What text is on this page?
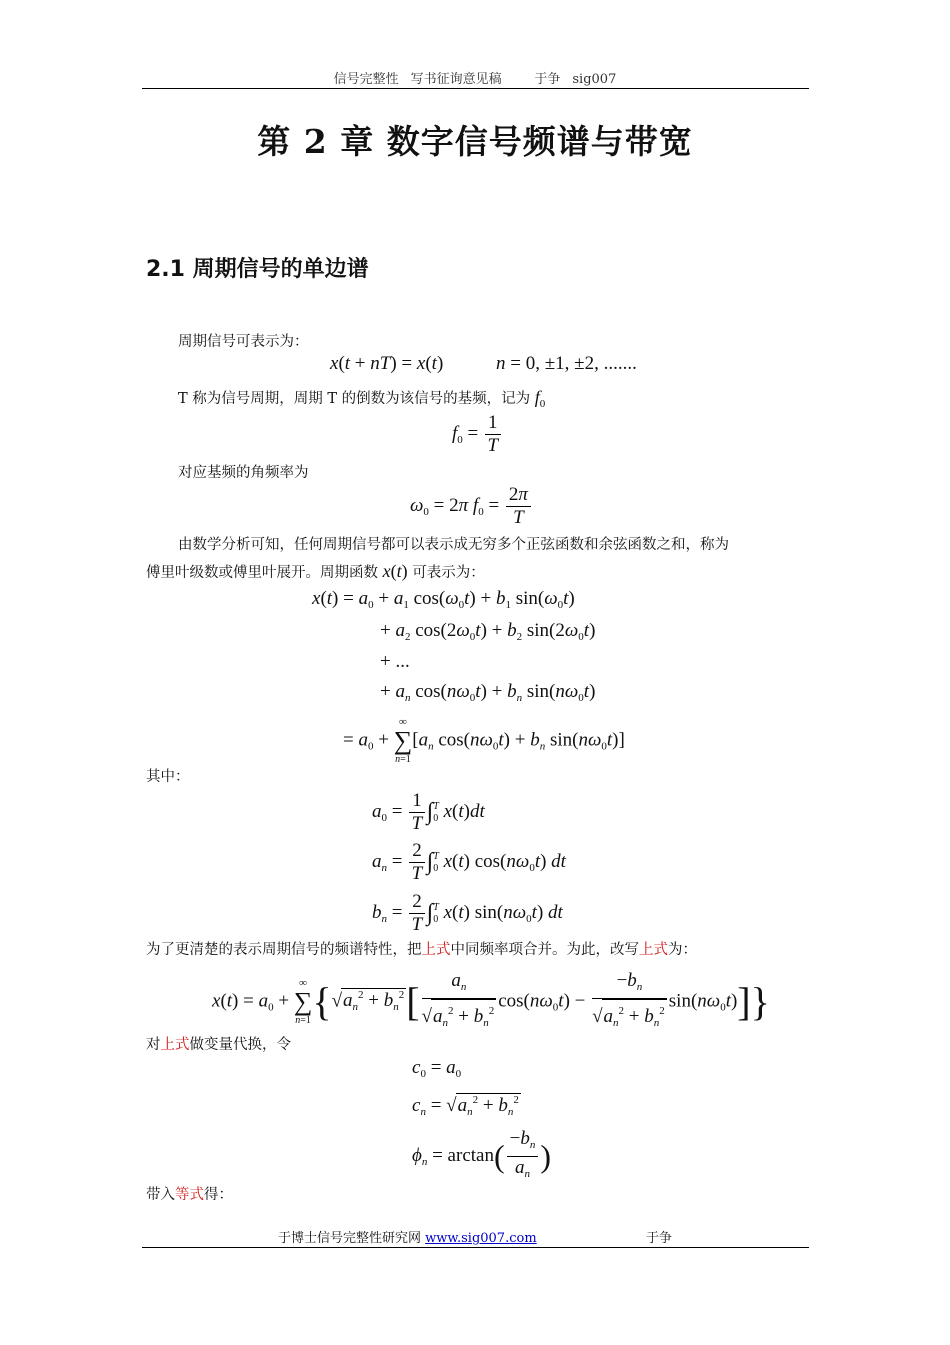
信号完整性 写书征询意见稿	于争 sig007
第 2 章 数字信号频谱与带宽
2.1 周期信号的单边谱
周期信号可表示为：
x(t + nT) = x(t)	n = 0, ±1, ±2, .......
T 称为信号周期，周期 T 的倒数为该信号的基频，记为 $f_0$
$f_0 = \frac{1}{T}$
对应基频的角频率为
$\omega_0 = 2\pi$ $f_0 = \frac{2\pi}{T}$
由数学分析可知，任何周期信号都可以表示成无穷多个正弦函数和余弦函数之和，称为
傅里叶级数或傅里叶展开。周期函数 x(t) 可表示为：
$x(t) = a_0 + a_1$ $\cos(\omega_0t) + b_1$ $\sin(\omega_0t)$
+ $a_2$ $\cos(2\omega_0t) + b_2$ $\sin(2\omega_0t)$
+ ...
+ $a_n$ $\cos(n\omega_0t) + b_n$ $\sin(n\omega_0t)$
= $a_0$ +
∞
∑
n=1
[$a_n$ $\cos(n\omega_0t) + b_n$ $\sin(n\omega_0t)$]
其中：
$a_0 = \frac{1}{T}$ ∫ T
0 x(t)dt
$a_n = \frac{2}{T}$ ∫ T
0 x(t) $\cos(n\omega_0t)$ dt
$b_n = \frac{2}{T}$ ∫ T
0 x(t) $\sin(n\omega_0t)$ dt
为了更清楚的表示周期信号的频谱特性，把上式中同频率项合并。为此，改写上式为：
$x(t) = a_0$ +
∞
∑
n=1 $\{√a_n^2 + b_n^2[ \frac{a_n}{√a_n^2 + b_n^2} \cos(n\omega_0t) - \frac{-b_n}{√a_n^2 + b_n^2} \sin(n\omega_0t)]\}$
对上式做变量代换，令
$c_0 = a_0$
$c_n = √a_n^2 + b_n^2$
$\phi_n = \arctan( \frac{-b_n}{a_n}$ )
带入等式得：
于博士信号完整性研究网 www.sig007.com	于争
